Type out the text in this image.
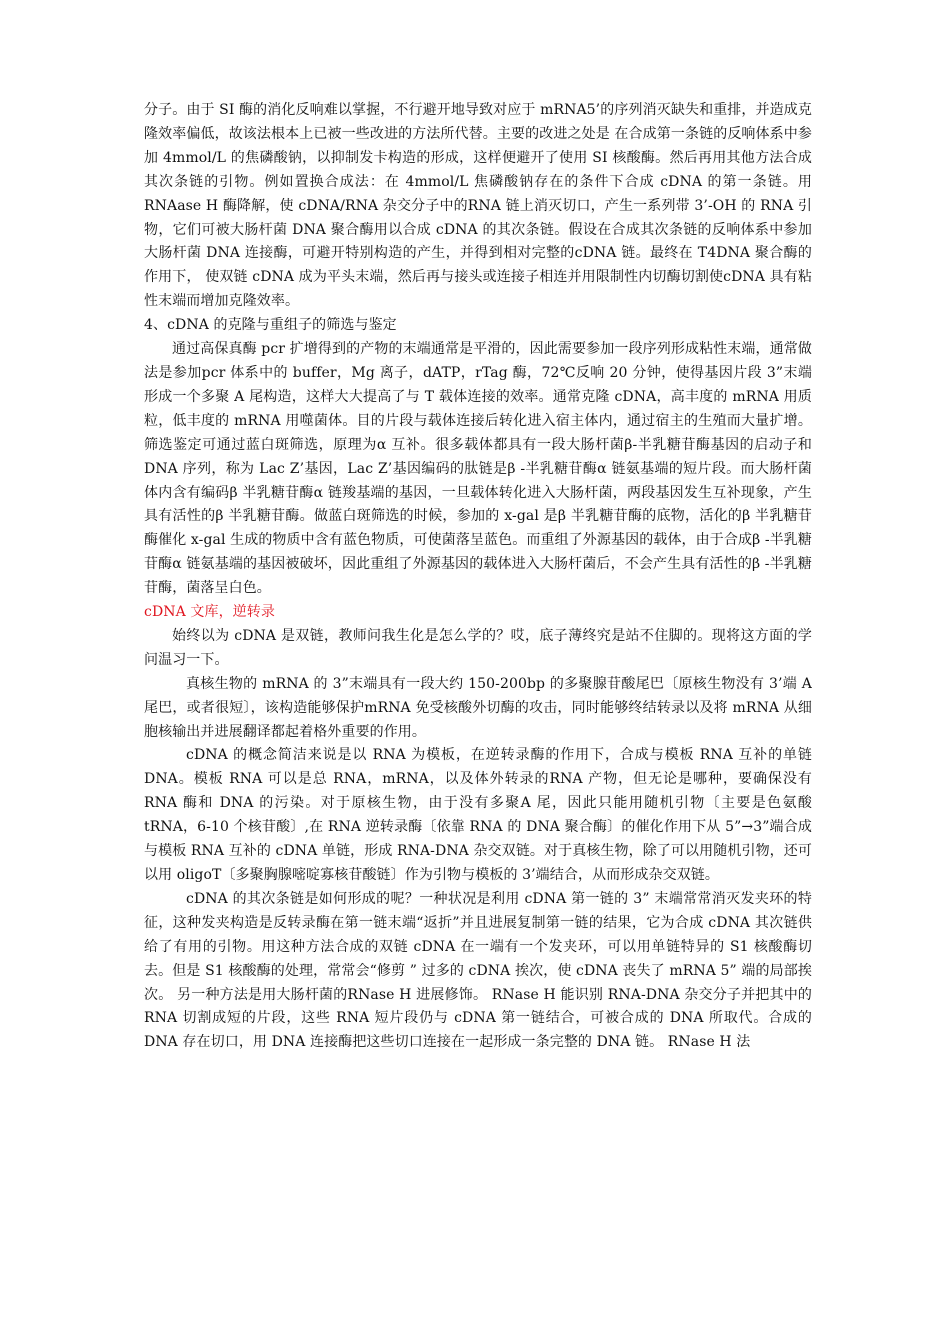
分子。由于 SI 酶的消化反响难以掌握，不行避开地导致对应于 mRNA5’的序列消灭缺失和重排，并造成克隆效率偏低，故该法根本上已被一些改进的方法所代替。主要的改进之处是 在合成第一条链的反响体系中参加 4mmol/L 的焦磷酸钠，以抑制发卡构造的形成，这样便避开了使用 SI 核酸酶。然后再用其他方法合成其次条链的引物。例如置换合成法：在 4mmol/L 焦磷酸钠存在的条件下合成 cDNA 的第一条链。用 RNAase H 酶降解，使 cDNA/RNA 杂交分子中的RNA 链上消灭切口，产生一系列带 3’-OH 的 RNA 引物，它们可被大肠杆菌 DNA 聚合酶用以合成 cDNA 的其次条链。假设在合成其次条链的反响体系中参加大肠杆菌 DNA 连接酶，可避开特别构造的产生，并得到相对完整的cDNA 链。最终在 T4DNA 聚合酶的作用下， 使双链 cDNA 成为平头末端，然后再与接头或连接子相连并用限制性内切酶切割使cDNA 具有粘性末端而增加克隆效率。

4、cDNA 的克隆与重组子的筛选与鉴定

通过高保真酶 pcr 扩增得到的产物的末端通常是平滑的，因此需要参加一段序列形成粘性末端，通常做法是参加pcr 体系中的 buffer，Mg 离子，dATP，rTag 酶，72℃反响 20 分钟，使得基因片段 3”末端形成一个多聚 A 尾构造，这样大大提高了与 T 载体连接的效率。通常克隆 cDNA，高丰度的 mRNA 用质粒，低丰度的 mRNA 用噬菌体。目的片段与载体连接后转化进入宿主体内，通过宿主的生殖而大量扩增。筛选鉴定可通过蓝白斑筛选，原理为α 互补。很多载体都具有一段大肠杆菌β-半乳糖苷酶基因的启动子和 DNA 序列，称为 Lac Z’基因，Lac Z’基因编码的肽链是β -半乳糖苷酶α 链氨基端的短片段。而大肠杆菌体内含有编码β 半乳糖苷酶α 链羧基端的基因，一旦载体转化进入大肠杆菌，两段基因发生互补现象，产生具有活性的β 半乳糖苷酶。做蓝白斑筛选的时候，参加的 x-gal 是β 半乳糖苷酶的底物，活化的β 半乳糖苷酶催化 x-gal 生成的物质中含有蓝色物质，可使菌落呈蓝色。而重组了外源基因的载体，由于合成β -半乳糖苷酶α 链氨基端的基因被破坏，因此重组了外源基因的载体进入大肠杆菌后，不会产生具有活性的β -半乳糖苷酶，菌落呈白色。

cDNA 文库，逆转录

始终以为 cDNA 是双链，教师问我生化是怎么学的？哎，底子薄终究是站不住脚的。现将这方面的学问温习一下。

真核生物的 mRNA 的 3”末端具有一段大约 150-200bp 的多聚腺苷酸尾巴〔原核生物没有 3’端 A 尾巴，或者很短〕，该构造能够保护mRNA 免受核酸外切酶的攻击，同时能够终结转录以及将 mRNA 从细胞核输出并进展翻译都起着格外重要的作用。

cDNA 的概念简洁来说是以 RNA 为模板，在逆转录酶的作用下，合成与模板 RNA 互补的单链 DNA。模板 RNA 可以是总 RNA，mRNA，以及体外转录的RNA 产物，但无论是哪种，要确保没有 RNA 酶和 DNA 的污染。对于原核生物，由于没有多聚A 尾，因此只能用随机引物〔主要是色氨酸 tRNA，6-10 个核苷酸〕,在 RNA 逆转录酶〔依靠 RNA 的 DNA 聚合酶〕的催化作用下从 5”→3”端合成与模板 RNA 互补的 cDNA 单链，形成 RNA-DNA 杂交双链。对于真核生物，除了可以用随机引物，还可以用 oligoT〔多聚胸腺嘧啶寡核苷酸链〕作为引物与模板的 3’端结合，从而形成杂交双链。

cDNA 的其次条链是如何形成的呢？一种状况是利用 cDNA 第一链的 3” 末端常常消灭发夹环的特征，这种发夹构造是反转录酶在第一链末端“返折”并且进展复制第一链的结果，它为合成 cDNA 其次链供给了有用的引物。用这种方法合成的双链 cDNA 在一端有一个发夹环，可以用单链特异的 S1 核酸酶切去。但是 S1 核酸酶的处理，常常会“修剪 ” 过多的 cDNA 挨次，使 cDNA 丧失了 mRNA 5” 端的局部挨次。 另一种方法是用大肠杆菌的RNase H 进展修饰。 RNase H 能识别 RNA-DNA 杂交分子并把其中的 RNA 切割成短的片段，这些 RNA 短片段仍与 cDNA 第一链结合，可被合成的 DNA 所取代。合成的 DNA 存在切口，用 DNA 连接酶把这些切口连接在一起形成一条完整的 DNA 链。 RNase H 法
